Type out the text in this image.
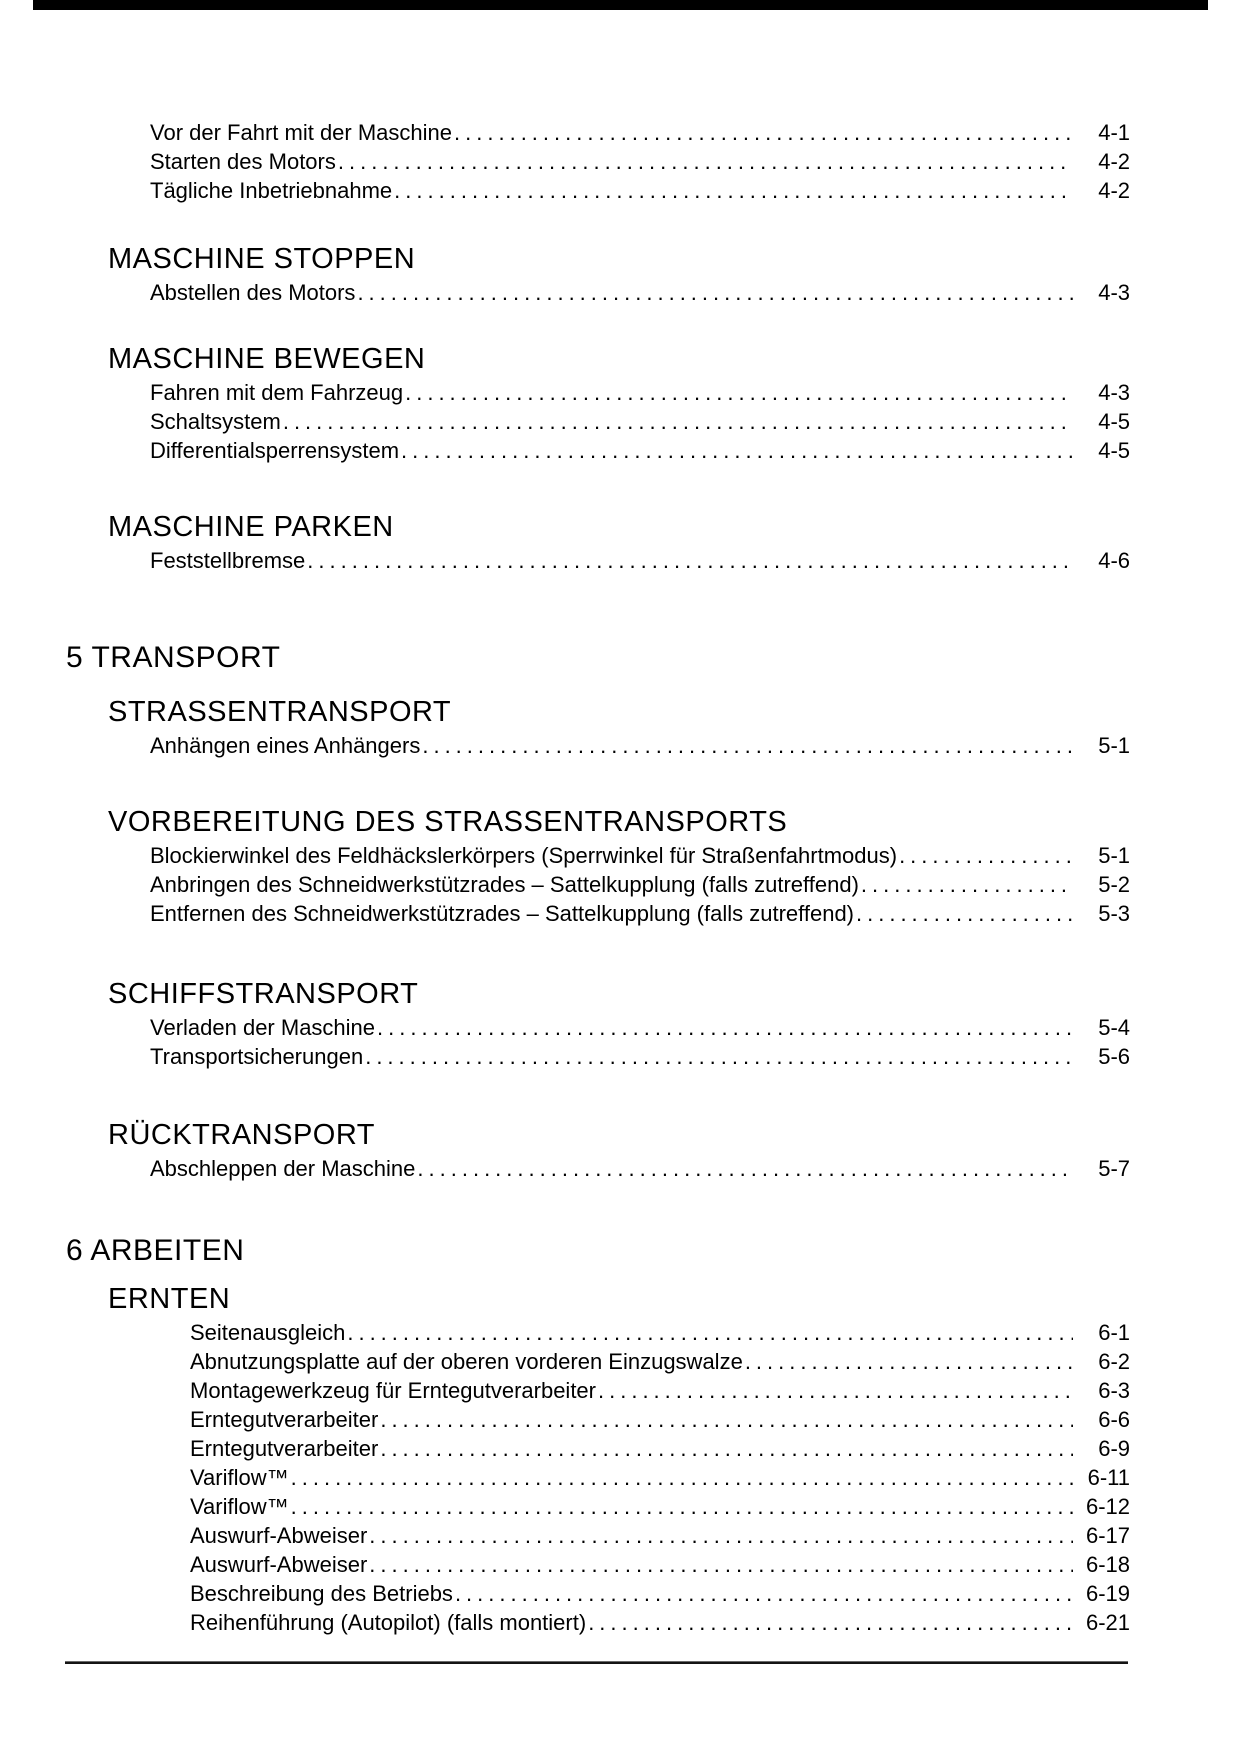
Vor der Fahrt mit der Maschine .....	4-1
Starten des Motors .....	4-2
Tägliche Inbetriebnahme .....	4-2
MASCHINE STOPPEN
Abstellen des Motors .....	4-3
MASCHINE BEWEGEN
Fahren mit dem Fahrzeug .....	4-3
Schaltsystem .....	4-5
Differentialsperrensystem .....	4-5
MASCHINE PARKEN
Feststellbremse .....	4-6
5 TRANSPORT
STRASSENTRANSPORT
Anhängen eines Anhängers .....	5-1
VORBEREITUNG DES STRASSENTRANSPORTS
Blockierwinkel des Feldhäckslerkörpers (Sperrwinkel für Straßenfahrtmodus) .....	5-1
Anbringen des Schneidwerkstützrades – Sattelkupplung (falls zutreffend) .....	5-2
Entfernen des Schneidwerkstützrades – Sattelkupplung (falls zutreffend) .....	5-3
SCHIFFSTRANSPORT
Verladen der Maschine .....	5-4
Transportsicherungen .....	5-6
RÜCKTRANSPORT
Abschleppen der Maschine .....	5-7
6 ARBEITEN
ERNTEN
Seitenausgleich .....	6-1
Abnutzungsplatte auf der oberen vorderen Einzugswalze .....	6-2
Montagewerkzeug für Erntegutverarbeiter .....	6-3
Erntegutverarbeiter .....	6-6
Erntegutverarbeiter .....	6-9
Variflow™ .....	6-11
Variflow™ .....	6-12
Auswurf-Abweiser .....	6-17
Auswurf-Abweiser .....	6-18
Beschreibung des Betriebs .....	6-19
Reihenführung (Autopilot) (falls montiert) .....	6-21
